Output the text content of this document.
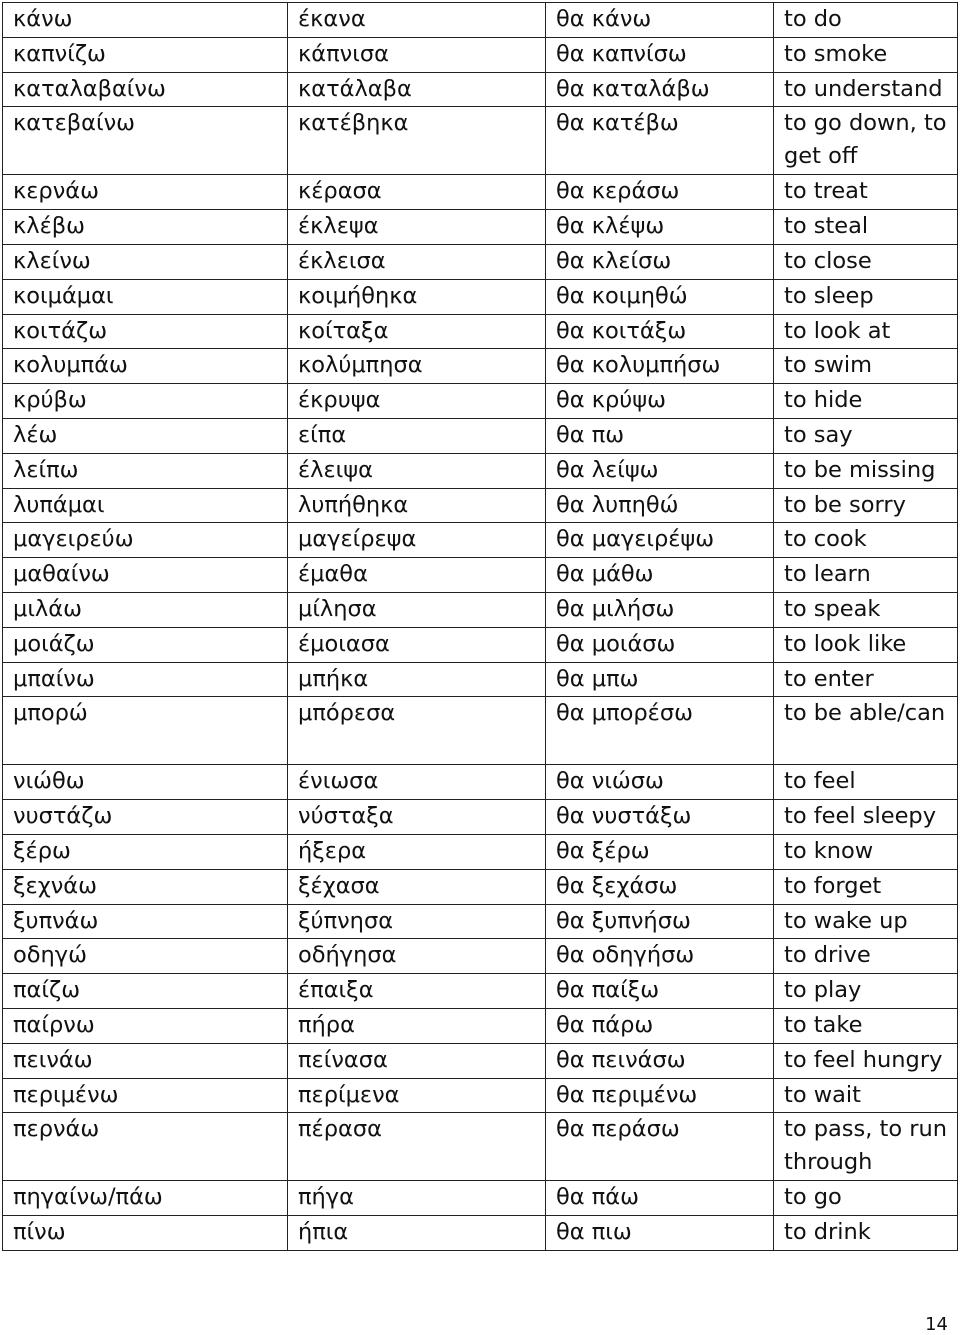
κάνω	έκανα	θα κάνω	to do
καπνίζω	κάπνισα	θα καπνίσω	to smoke
καταλαβαίνω	κατάλαβα	θα καταλάβω	to understand
κατεβαίνω	κατέβηκα	θα κατέβω	to go down, to get off
κερνάω	κέρασα	θα κεράσω	to treat
κλέβω	έκλεψα	θα κλέψω	to steal
κλείνω	έκλεισα	θα κλείσω	to close
κοιμάμαι	κοιμήθηκα	θα κοιμηθώ	to sleep
κοιτάζω	κοίταξα	θα κοιτάξω	to look at
κολυμπάω	κολύμπησα	θα κολυμπήσω	to swim
κρύβω	έκρυψα	θα κρύψω	to hide
λέω	είπα	θα πω	to say
λείπω	έλειψα	θα λείψω	to be missing
λυπάμαι	λυπήθηκα	θα λυπηθώ	to be sorry
μαγειρεύω	μαγείρεψα	θα μαγειρέψω	to cook
μαθαίνω	έμαθα	θα μάθω	to learn
μιλάω	μίλησα	θα μιλήσω	to speak
μοιάζω	έμοιασα	θα μοιάσω	to look like
μπαίνω	μπήκα	θα μπω	to enter
μπορώ	μπόρεσα	θα μπορέσω	to be able/can
νιώθω	ένιωσα	θα νιώσω	to feel
νυστάζω	νύσταξα	θα νυστάξω	to feel sleepy
ξέρω	ήξερα	θα ξέρω	to know
ξεχνάω	ξέχασα	θα ξεχάσω	to forget
ξυπνάω	ξύπνησα	θα ξυπνήσω	to wake up
οδηγώ	οδήγησα	θα οδηγήσω	to drive
παίζω	έπαιξα	θα παίξω	to play
παίρνω	πήρα	θα πάρω	to take
πεινάω	πείνασα	θα πεινάσω	to feel hungry
περιμένω	περίμενα	θα περιμένω	to wait
περνάω	πέρασα	θα περάσω	to pass, to run through
πηγαίνω/πάω	πήγα	θα πάω	to go
πίνω	ήπια	θα πιω	to drink
14
